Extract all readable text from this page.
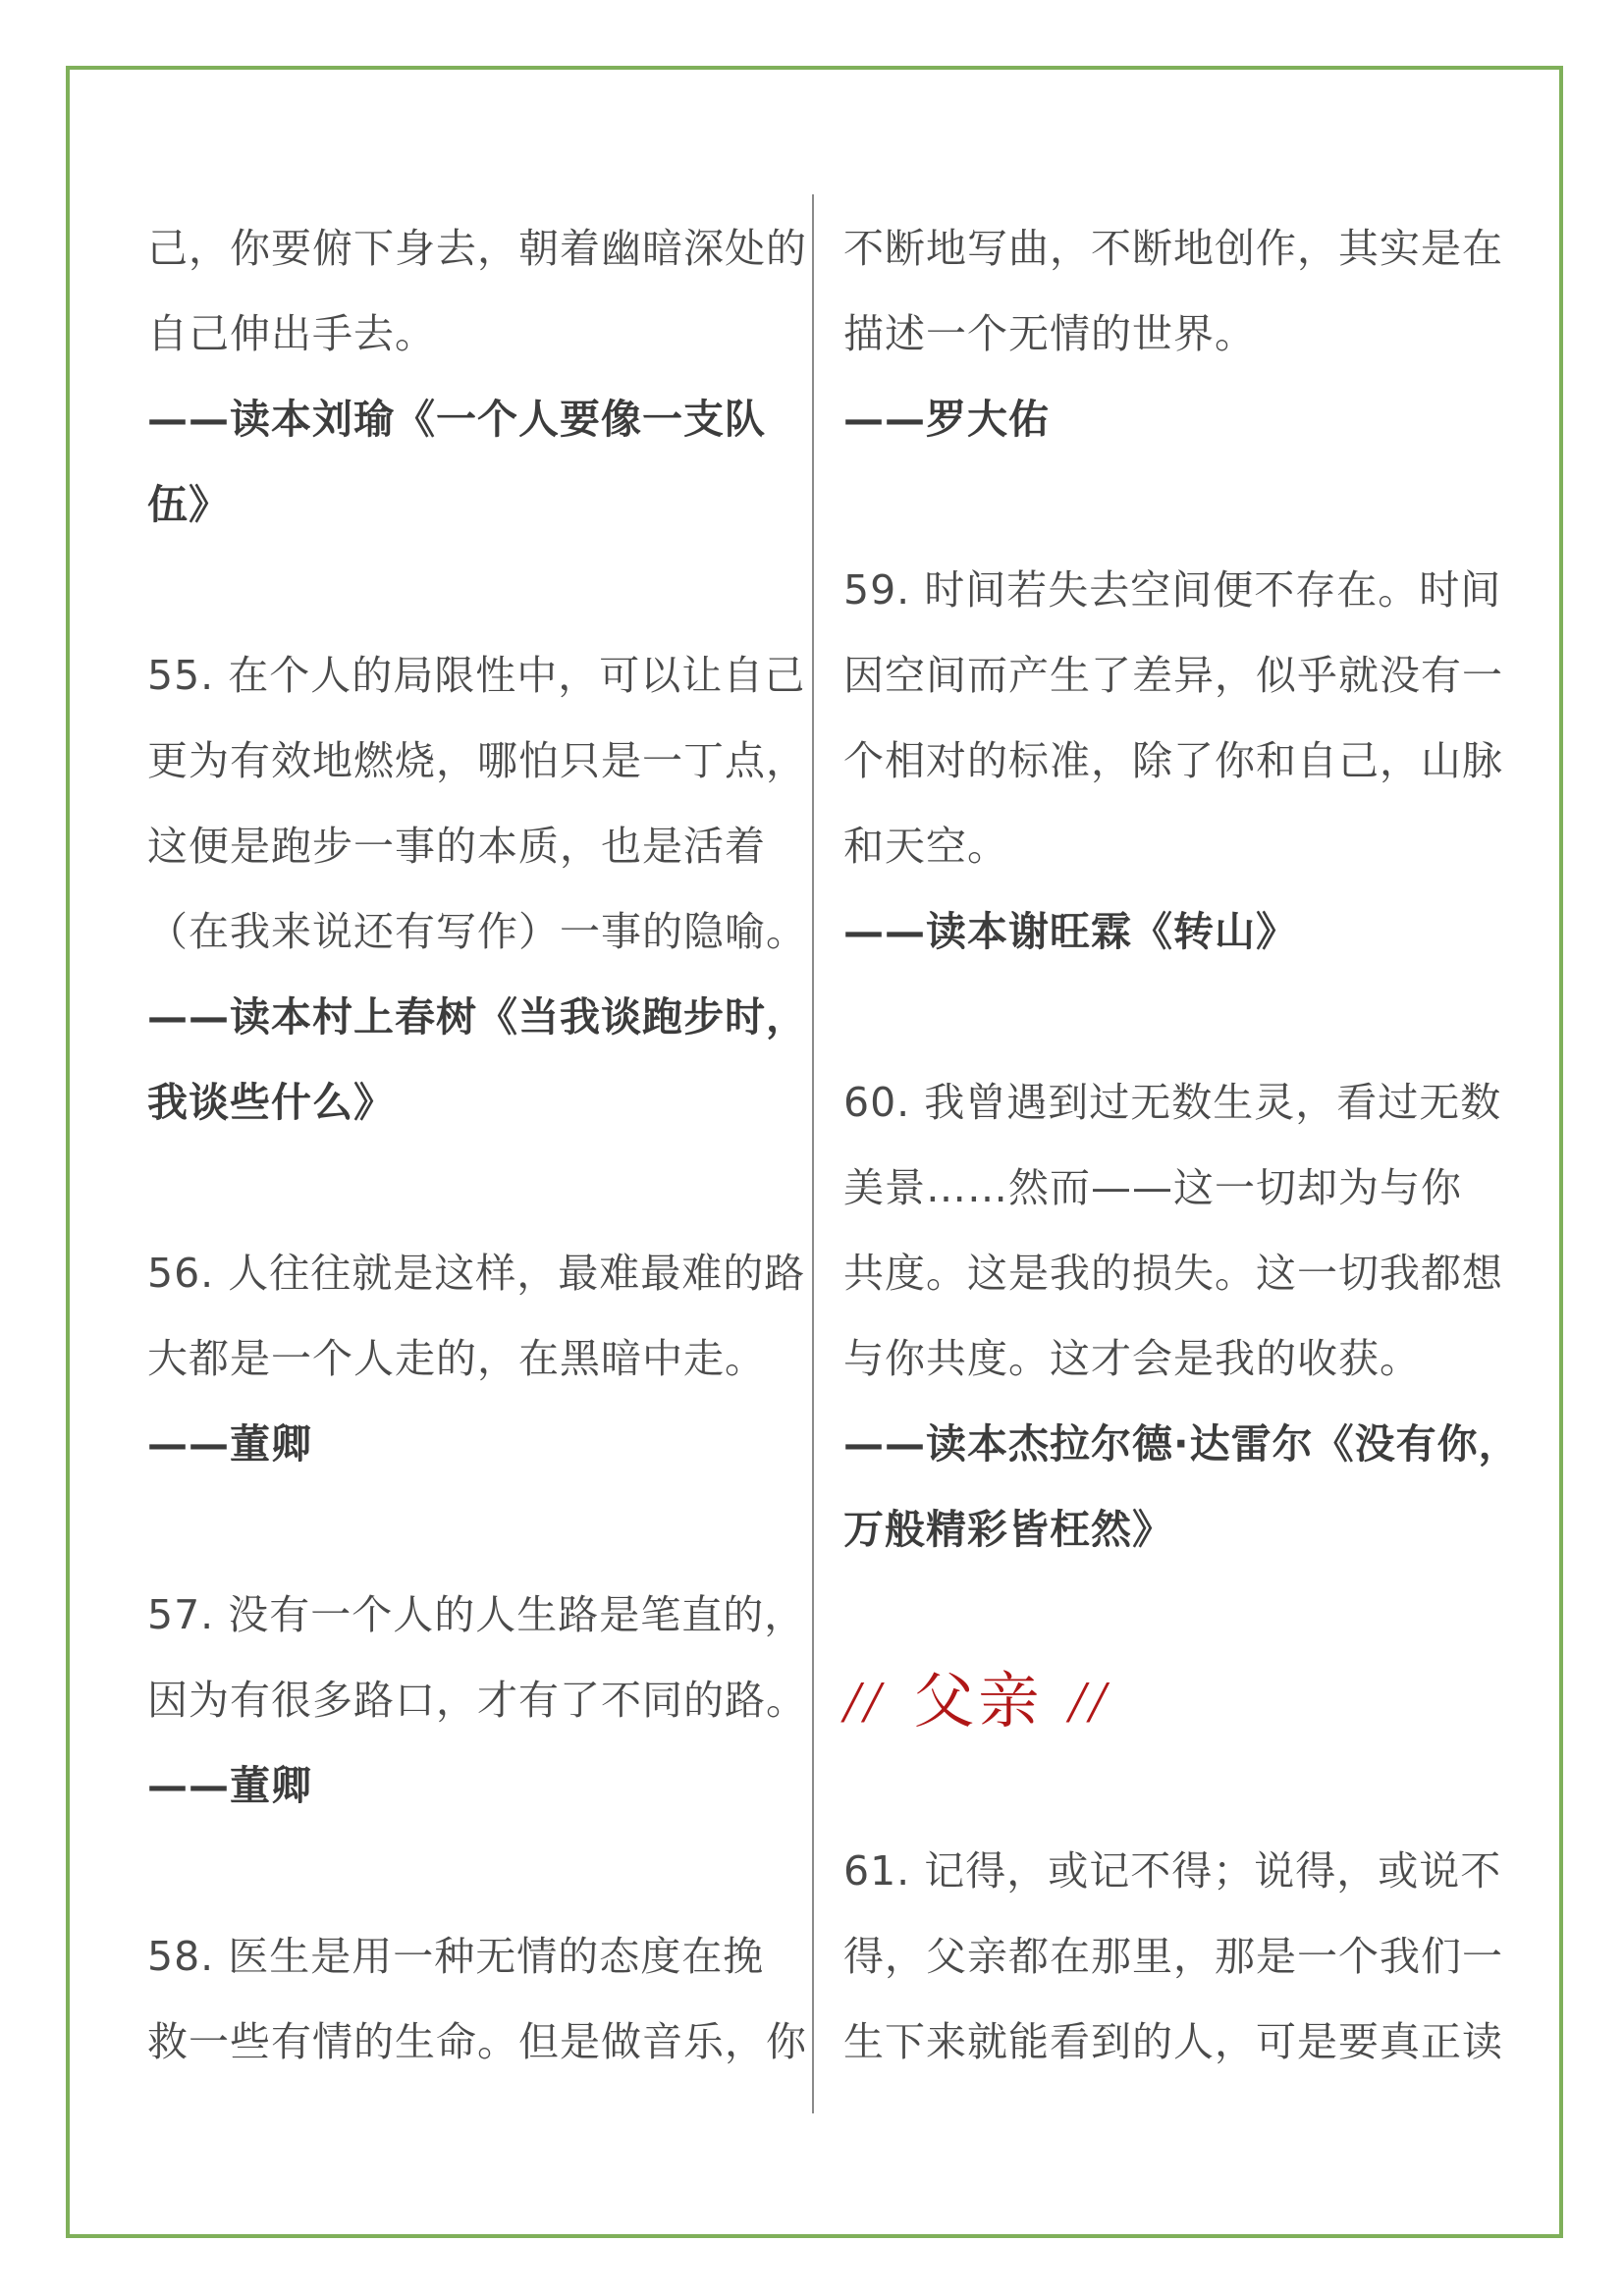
己，你要俯下身去，朝着幽暗深处的
自己伸出手去。
——读本刘瑜《一个人要像一支队
伍》
55. 在个人的局限性中，可以让自己
更为有效地燃烧，哪怕只是一丁点，
这便是跑步一事的本质，也是活着
（在我来说还有写作）一事的隐喻。
——读本村上春树《当我谈跑步时，
我谈些什么》
56. 人往往就是这样，最难最难的路
大都是一个人走的，在黑暗中走。
——董卿
57. 没有一个人的人生路是笔直的，
因为有很多路口，才有了不同的路。
——董卿
58. 医生是用一种无情的态度在挽
救一些有情的生命。但是做音乐，你
不断地写曲，不断地创作，其实是在
描述一个无情的世界。
——罗大佑
59. 时间若失去空间便不存在。时间
因空间而产生了差异，似乎就没有一
个相对的标准，除了你和自己，山脉
和天空。
——读本谢旺霖《转山》
60. 我曾遇到过无数生灵，看过无数
美景……然而——这一切却为与你
共度。这是我的损失。这一切我都想
与你共度。这才会是我的收获。
——读本杰拉尔德·达雷尔《没有你，
万般精彩皆枉然》
// 父亲 //
61. 记得，或记不得；说得，或说不
得，父亲都在那里，那是一个我们一
生下来就能看到的人，可是要真正读
